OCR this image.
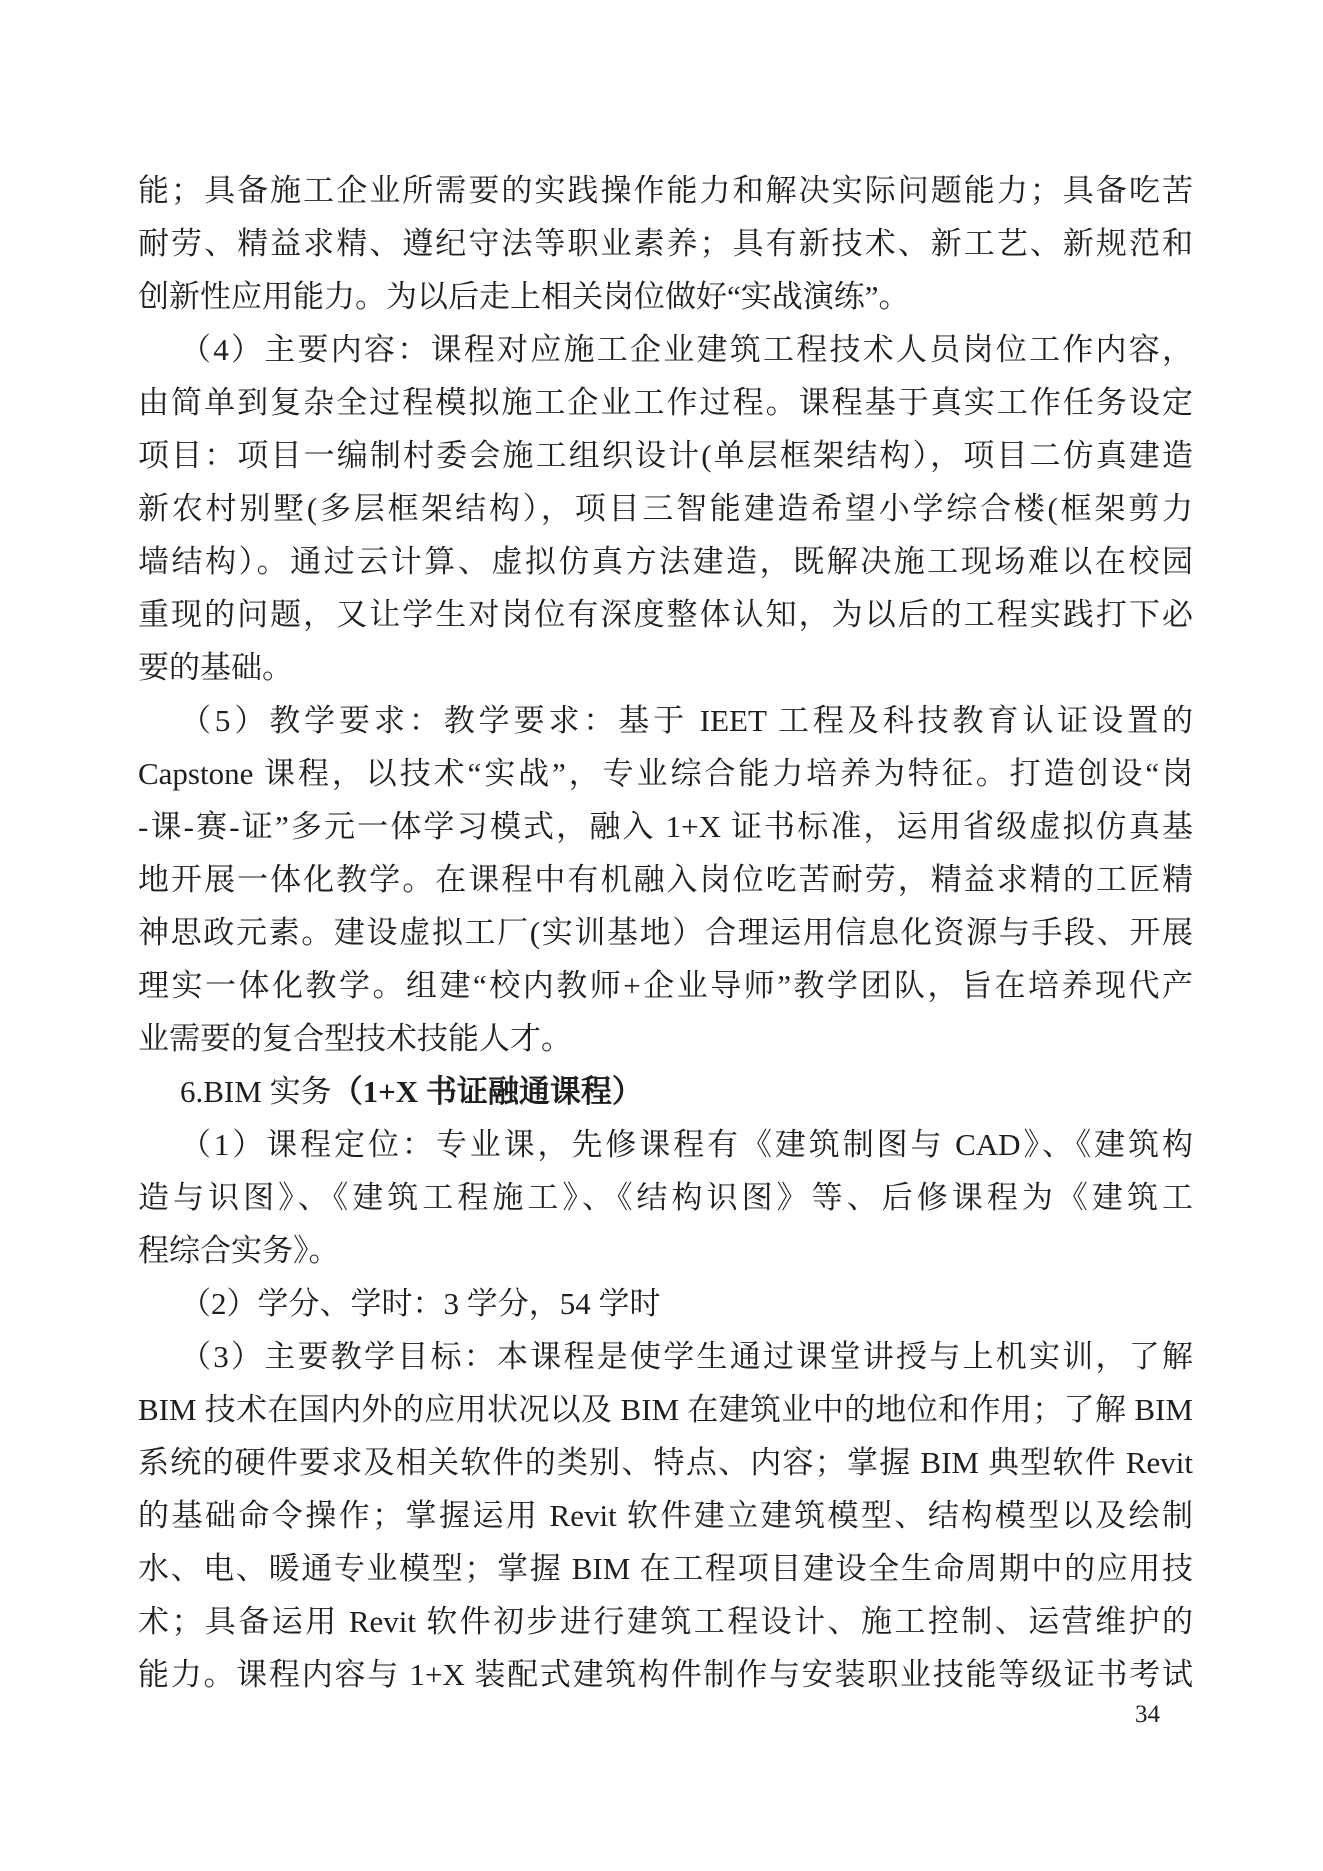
能；具备施工企业所需要的实践操作能力和解决实际问题能力；具备吃苦
耐劳、精益求精、遵纪守法等职业素养；具有新技术、新工艺、新规范和
创新性应用能力。为以后走上相关岗位做好“实战演练”。
（4）主要内容：课程对应施工企业建筑工程技术人员岗位工作内容，
由简单到复杂全过程模拟施工企业工作过程。课程基于真实工作任务设定
项目：项目一编制村委会施工组织设计(单层框架结构），项目二仿真建造
新农村别墅(多层框架结构），项目三智能建造希望小学综合楼(框架剪力
墙结构）。通过云计算、虚拟仿真方法建造，既解决施工现场难以在校园
重现的问题，又让学生对岗位有深度整体认知，为以后的工程实践打下必
要的基础。
（5）教学要求：教学要求：基于 IEET 工程及科技教育认证设置的
Capstone 课程，以技术“实战”，专业综合能力培养为特征。打造创设“岗
-课-赛-证”多元一体学习模式，融入 1+X 证书标准，运用省级虚拟仿真基
地开展一体化教学。在课程中有机融入岗位吃苦耐劳，精益求精的工匠精
神思政元素。建设虚拟工厂(实训基地）合理运用信息化资源与手段、开展
理实一体化教学。组建“校内教师+企业导师”教学团队，旨在培养现代产
业需要的复合型技术技能人才。
6.BIM 实务（1+X 书证融通课程）
（1）课程定位：专业课，先修课程有《建筑制图与 CAD》、《建筑构
造与识图》、《建筑工程施工》、《结构识图》等、后修课程为《建筑工
程综合实务》。
（2）学分、学时：3 学分，54 学时
（3）主要教学目标：本课程是使学生通过课堂讲授与上机实训，了解
BIM 技术在国内外的应用状况以及 BIM 在建筑业中的地位和作用；了解 BIM
系统的硬件要求及相关软件的类别、特点、内容；掌握 BIM 典型软件 Revit
的基础命令操作；掌握运用 Revit 软件建立建筑模型、结构模型以及绘制
水、电、暖通专业模型；掌握 BIM 在工程项目建设全生命周期中的应用技
术；具备运用 Revit 软件初步进行建筑工程设计、施工控制、运营维护的
能力。课程内容与 1+X 装配式建筑构件制作与安装职业技能等级证书考试
34
